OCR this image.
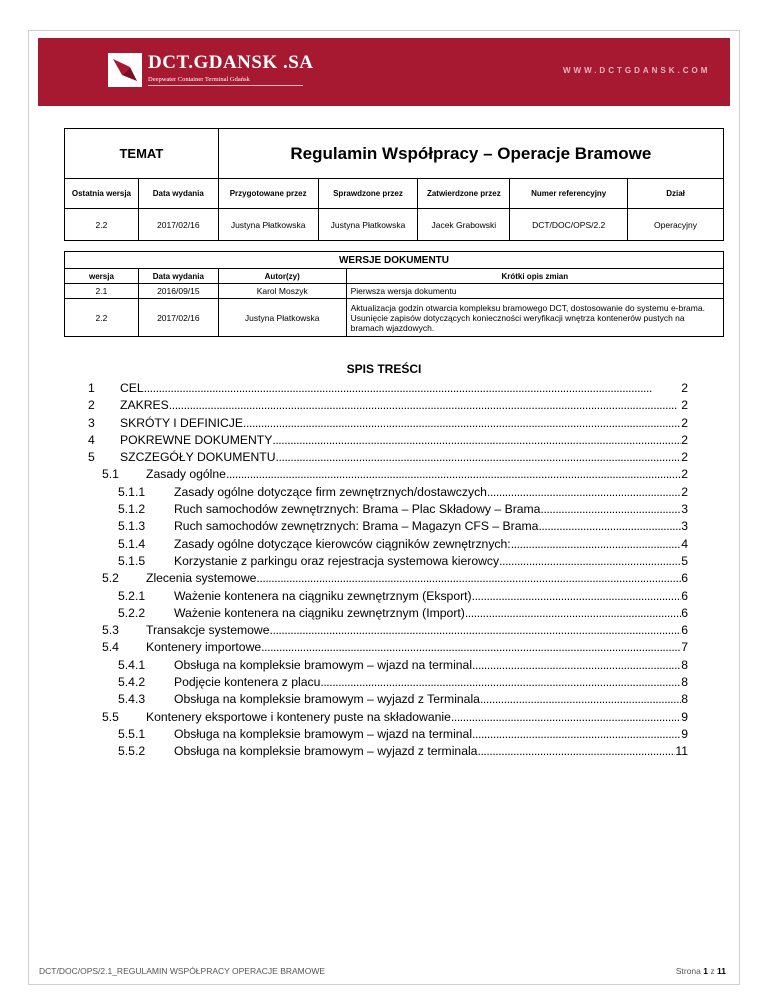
DCT.GDANSK .SA
Deepwater Container Terminal Gdańsk
WWW.DCTGDANSK.COM
TEMAT		Regulamin Współpracy – Operacje Bramowe				
Ostatnia wersja	Data wydania	Przygotowane przez	Sprawdzone przez	Zatwierdzone przez	Numer referencyjny	Dział
2.2	2017/02/16	Justyna Płatkowska	Justyna Płatkowska	Jacek Grabowski	DCT/DOC/OPS/2.2	Operacyjny
WERSJE DOKUMENTU			
wersja	Data wydania	Autor(zy)	Krótki opis zmian
2.1	2016/09/15	Karol Moszyk	Pierwsza wersja dokumentu
2.2	2017/02/16	Justyna Płatkowska	Aktualizacja godzin otwarcia kompleksu bramowego DCT, dostosowanie do systemu e-brama. Usunięcie zapisów dotyczących konieczności weryfikacji wnętrza kontenerów pustych na bramach wjazdowych.
SPIS TREŚCI
1	CEL . . .	2
2	ZAKRES . . .	2
3	SKRÓTY I DEFINICJE . . .	2
4	POKREWNE DOKUMENTY . . .	2
5	SZCZEGÓŁY DOKUMENTU . . .	2
5.1	Zasady ogólne . . .	2
5.1.1	Zasady ogólne dotyczące firm zewnętrznych/dostawczych . . .	2
5.1.2	Ruch samochodów zewnętrznych: Brama – Plac Składowy – Brama . . .	3
5.1.3	Ruch samochodów zewnętrznych: Brama – Magazyn CFS – Brama . . .	3
5.1.4	Zasady ogólne dotyczące kierowców ciągników zewnętrznych: . . .	4
5.1.5	Korzystanie z parkingu oraz rejestracja systemowa kierowcy . . .	5
5.2	Zlecenia systemowe . . .	6
5.2.1	Ważenie kontenera na ciągniku zewnętrznym (Eksport) . . .	6
5.2.2	Ważenie kontenera na ciągniku zewnętrznym (Import) . . .	6
5.3	Transakcje systemowe . . .	6
5.4	Kontenery importowe . . .	7
5.4.1	Obsługa na kompleksie bramowym – wjazd na terminal . . .	8
5.4.2	Podjęcie kontenera z placu . . .	8
5.4.3	Obsługa na kompleksie bramowym – wyjazd z Terminala . . .	8
5.5	Kontenery eksportowe i kontenery puste na składowanie . . .	9
5.5.1	Obsługa na kompleksie bramowym – wjazd na terminal . . .	9
5.5.2	Obsługa na kompleksie bramowym – wyjazd z terminala . . .	11
DCT/DOC/OPS/2.1_REGULAMIN WSPÓŁPRACY OPERACJE BRAMOWE	Strona 1 z 11
